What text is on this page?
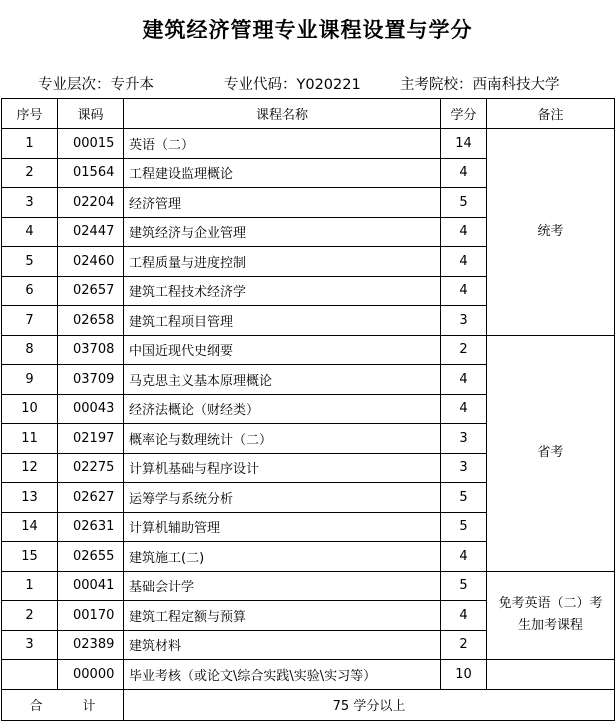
建筑经济管理专业课程设置与学分
专业层次：专升本	专业代码：Y020221	主考院校：西南科技大学
序号	课码	课程名称	学分	备注
1	00015	英语（二）	14	统考
2	01564	工程建设监理概论	4	
3	02204	经济管理	5	
4	02447	建筑经济与企业管理	4	
5	02460	工程质量与进度控制	4	
6	02657	建筑工程技术经济学	4	
7	02658	建筑工程项目管理	3	
8	03708	中国近现代史纲要	2	省考
9	03709	马克思主义基本原理概论	4	
10	00043	经济法概论（财经类）	4	
11	02197	概率论与数理统计（二）	3	
12	02275	计算机基础与程序设计	3	
13	02627	运筹学与系统分析	5	
14	02631	计算机辅助管理	5	
15	02655	建筑施工(二)	4	
1	00041	基础会计学	5	免考英语（二）考生加考课程
2	00170	建筑工程定额与预算	4	
3	02389	建筑材料	2	
	00000	毕业考核（或论文\综合实践\实验\实习等）	10	
合 计		75 学分以上		
